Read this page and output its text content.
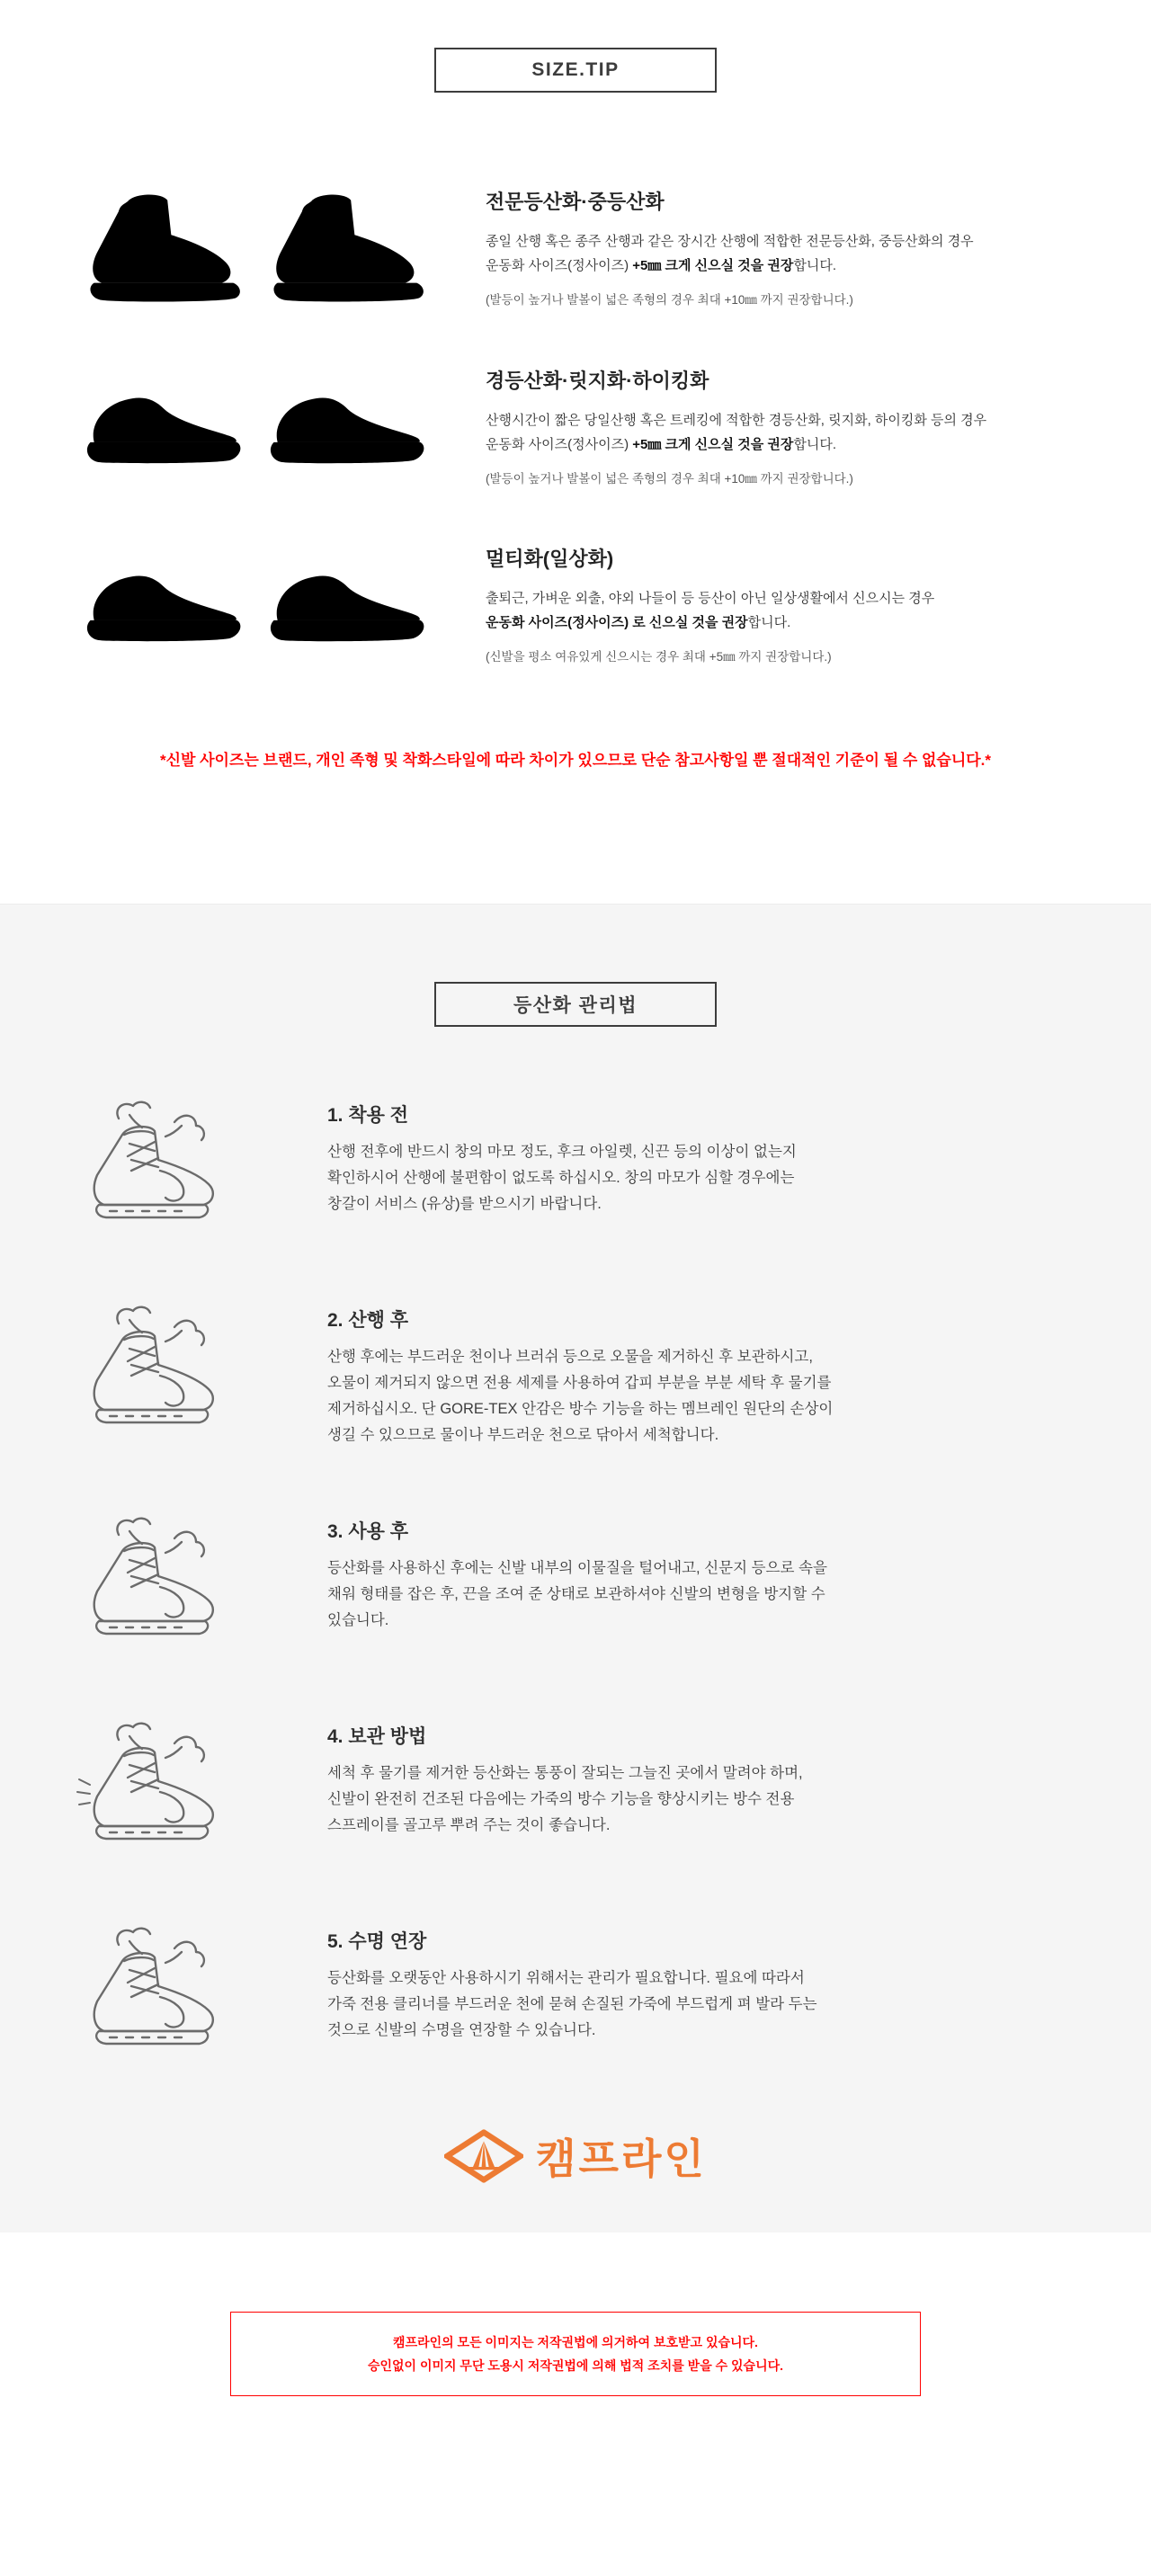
SIZE.TIP
전문등산화·중등산화
종일 산행 혹은 종주 산행과 같은 장시간 산행에 적합한 전문등산화, 중등산화의 경우
운동화 사이즈(정사이즈) +5㎜ 크게 신으실 것을 권장합니다.
(발등이 높거나 발볼이 넓은 족형의 경우 최대 +10㎜ 까지 권장합니다.)
경등산화·릿지화·하이킹화
산행시간이 짧은 당일산행 혹은 트레킹에 적합한 경등산화, 릿지화, 하이킹화 등의 경우
운동화 사이즈(정사이즈) +5㎜ 크게 신으실 것을 권장합니다.
(발등이 높거나 발볼이 넓은 족형의 경우 최대 +10㎜ 까지 권장합니다.)
멀티화(일상화)
출퇴근, 가벼운 외출, 야외 나들이 등 등산이 아닌 일상생활에서 신으시는 경우
운동화 사이즈(정사이즈) 로 신으실 것을 권장합니다.
(신발을 평소 여유있게 신으시는 경우 최대 +5㎜ 까지 권장합니다.)

*신발 사이즈는 브랜드, 개인 족형 및 착화스타일에 따라 차이가 있으므로 단순 참고사항일 뿐 절대적인 기준이 될 수 없습니다.*

등산화 관리법
1. 착용 전
산행 전후에 반드시 창의 마모 정도, 후크 아일렛, 신끈 등의 이상이 없는지
확인하시어 산행에 불편함이 없도록 하십시오. 창의 마모가 심할 경우에는
창갈이 서비스 (유상)를 받으시기 바랍니다.
2. 산행 후
산행 후에는 부드러운 천이나 브러쉬 등으로 오물을 제거하신 후 보관하시고,
오물이 제거되지 않으면 전용 세제를 사용하여 갑피 부분을 부분 세탁 후 물기를
제거하십시오. 단 GORE-TEX 안감은 방수 기능을 하는 멤브레인 원단의 손상이
생길 수 있으므로 물이나 부드러운 천으로 닦아서 세척합니다.
3. 사용 후
등산화를 사용하신 후에는 신발 내부의 이물질을 털어내고, 신문지 등으로 속을
채워 형태를 잡은 후, 끈을 조여 준 상태로 보관하셔야 신발의 변형을 방지할 수
있습니다.
4. 보관 방법
세척 후 물기를 제거한 등산화는 통풍이 잘되는 그늘진 곳에서 말려야 하며,
신발이 완전히 건조된 다음에는 가죽의 방수 기능을 향상시키는 방수 전용
스프레이를 골고루 뿌려 주는 것이 좋습니다.
5. 수명 연장
등산화를 오랫동안 사용하시기 위해서는 관리가 필요합니다. 필요에 따라서
가죽 전용 클리너를 부드러운 천에 묻혀 손질된 가죽에 부드럽게 펴 발라 두는
것으로 신발의 수명을 연장할 수 있습니다.
캠프라인
캠프라인의 모든 이미지는 저작권법에 의거하여 보호받고 있습니다.
승인없이 이미지 무단 도용시 저작권법에 의해 법적 조치를 받을 수 있습니다.
